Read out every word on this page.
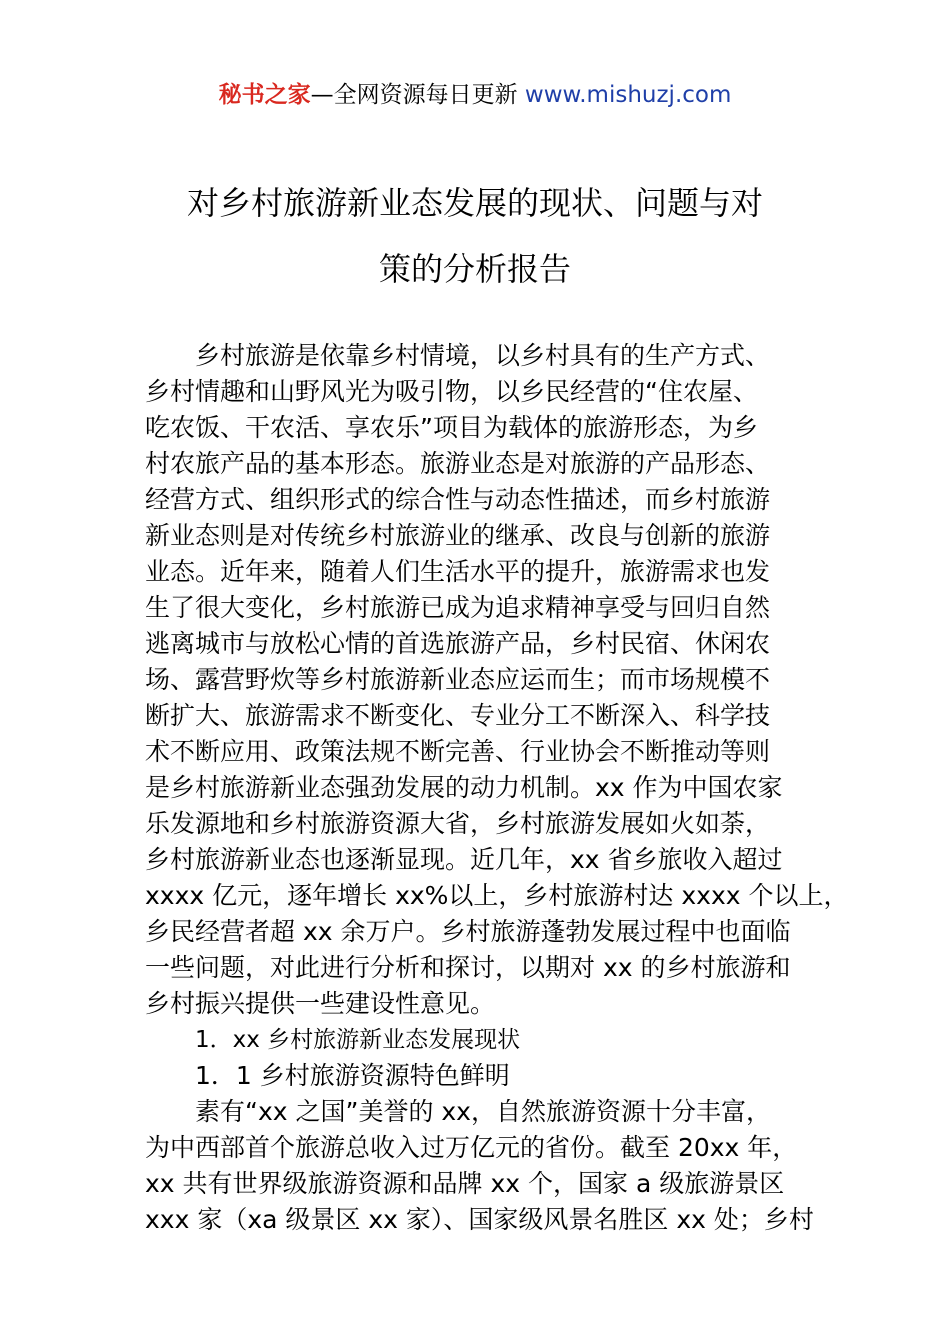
秘书之家—全网资源每日更新 www.mishuzj.com
对乡村旅游新业态发展的现状、问题与对
策的分析报告

乡村旅游是依靠乡村情境，以乡村具有的生产方式、
乡村情趣和山野风光为吸引物，以乡民经营的“住农屋、
吃农饭、干农活、享农乐”项目为载体的旅游形态，为乡
村农旅产品的基本形态。旅游业态是对旅游的产品形态、
经营方式、组织形式的综合性与动态性描述，而乡村旅游
新业态则是对传统乡村旅游业的继承、改良与创新的旅游
业态。近年来，随着人们生活水平的提升，旅游需求也发
生了很大变化，乡村旅游已成为追求精神享受与回归自然
逃离城市与放松心情的首选旅游产品，乡村民宿、休闲农
场、露营野炊等乡村旅游新业态应运而生；而市场规模不
断扩大、旅游需求不断变化、专业分工不断深入、科学技
术不断应用、政策法规不断完善、行业协会不断推动等则
是乡村旅游新业态强劲发展的动力机制。xx 作为中国农家
乐发源地和乡村旅游资源大省，乡村旅游发展如火如荼，
乡村旅游新业态也逐渐显现。近几年，xx 省乡旅收入超过
xxxx 亿元，逐年增长 xx%以上，乡村旅游村达 xxxx 个以上，
乡民经营者超 xx 余万户。乡村旅游蓬勃发展过程中也面临
一些问题，对此进行分析和探讨，以期对 xx 的乡村旅游和
乡村振兴提供一些建设性意见。

1．xx 乡村旅游新业态发展现状

1．1 乡村旅游资源特色鲜明

素有“xx 之国”美誉的 xx，自然旅游资源十分丰富，
为中西部首个旅游总收入过万亿元的省份。截至 20xx 年，
xx 共有世界级旅游资源和品牌 xx 个，国家 a 级旅游景区
xxx 家（xa 级景区 xx 家）、国家级风景名胜区 xx 处；乡村
